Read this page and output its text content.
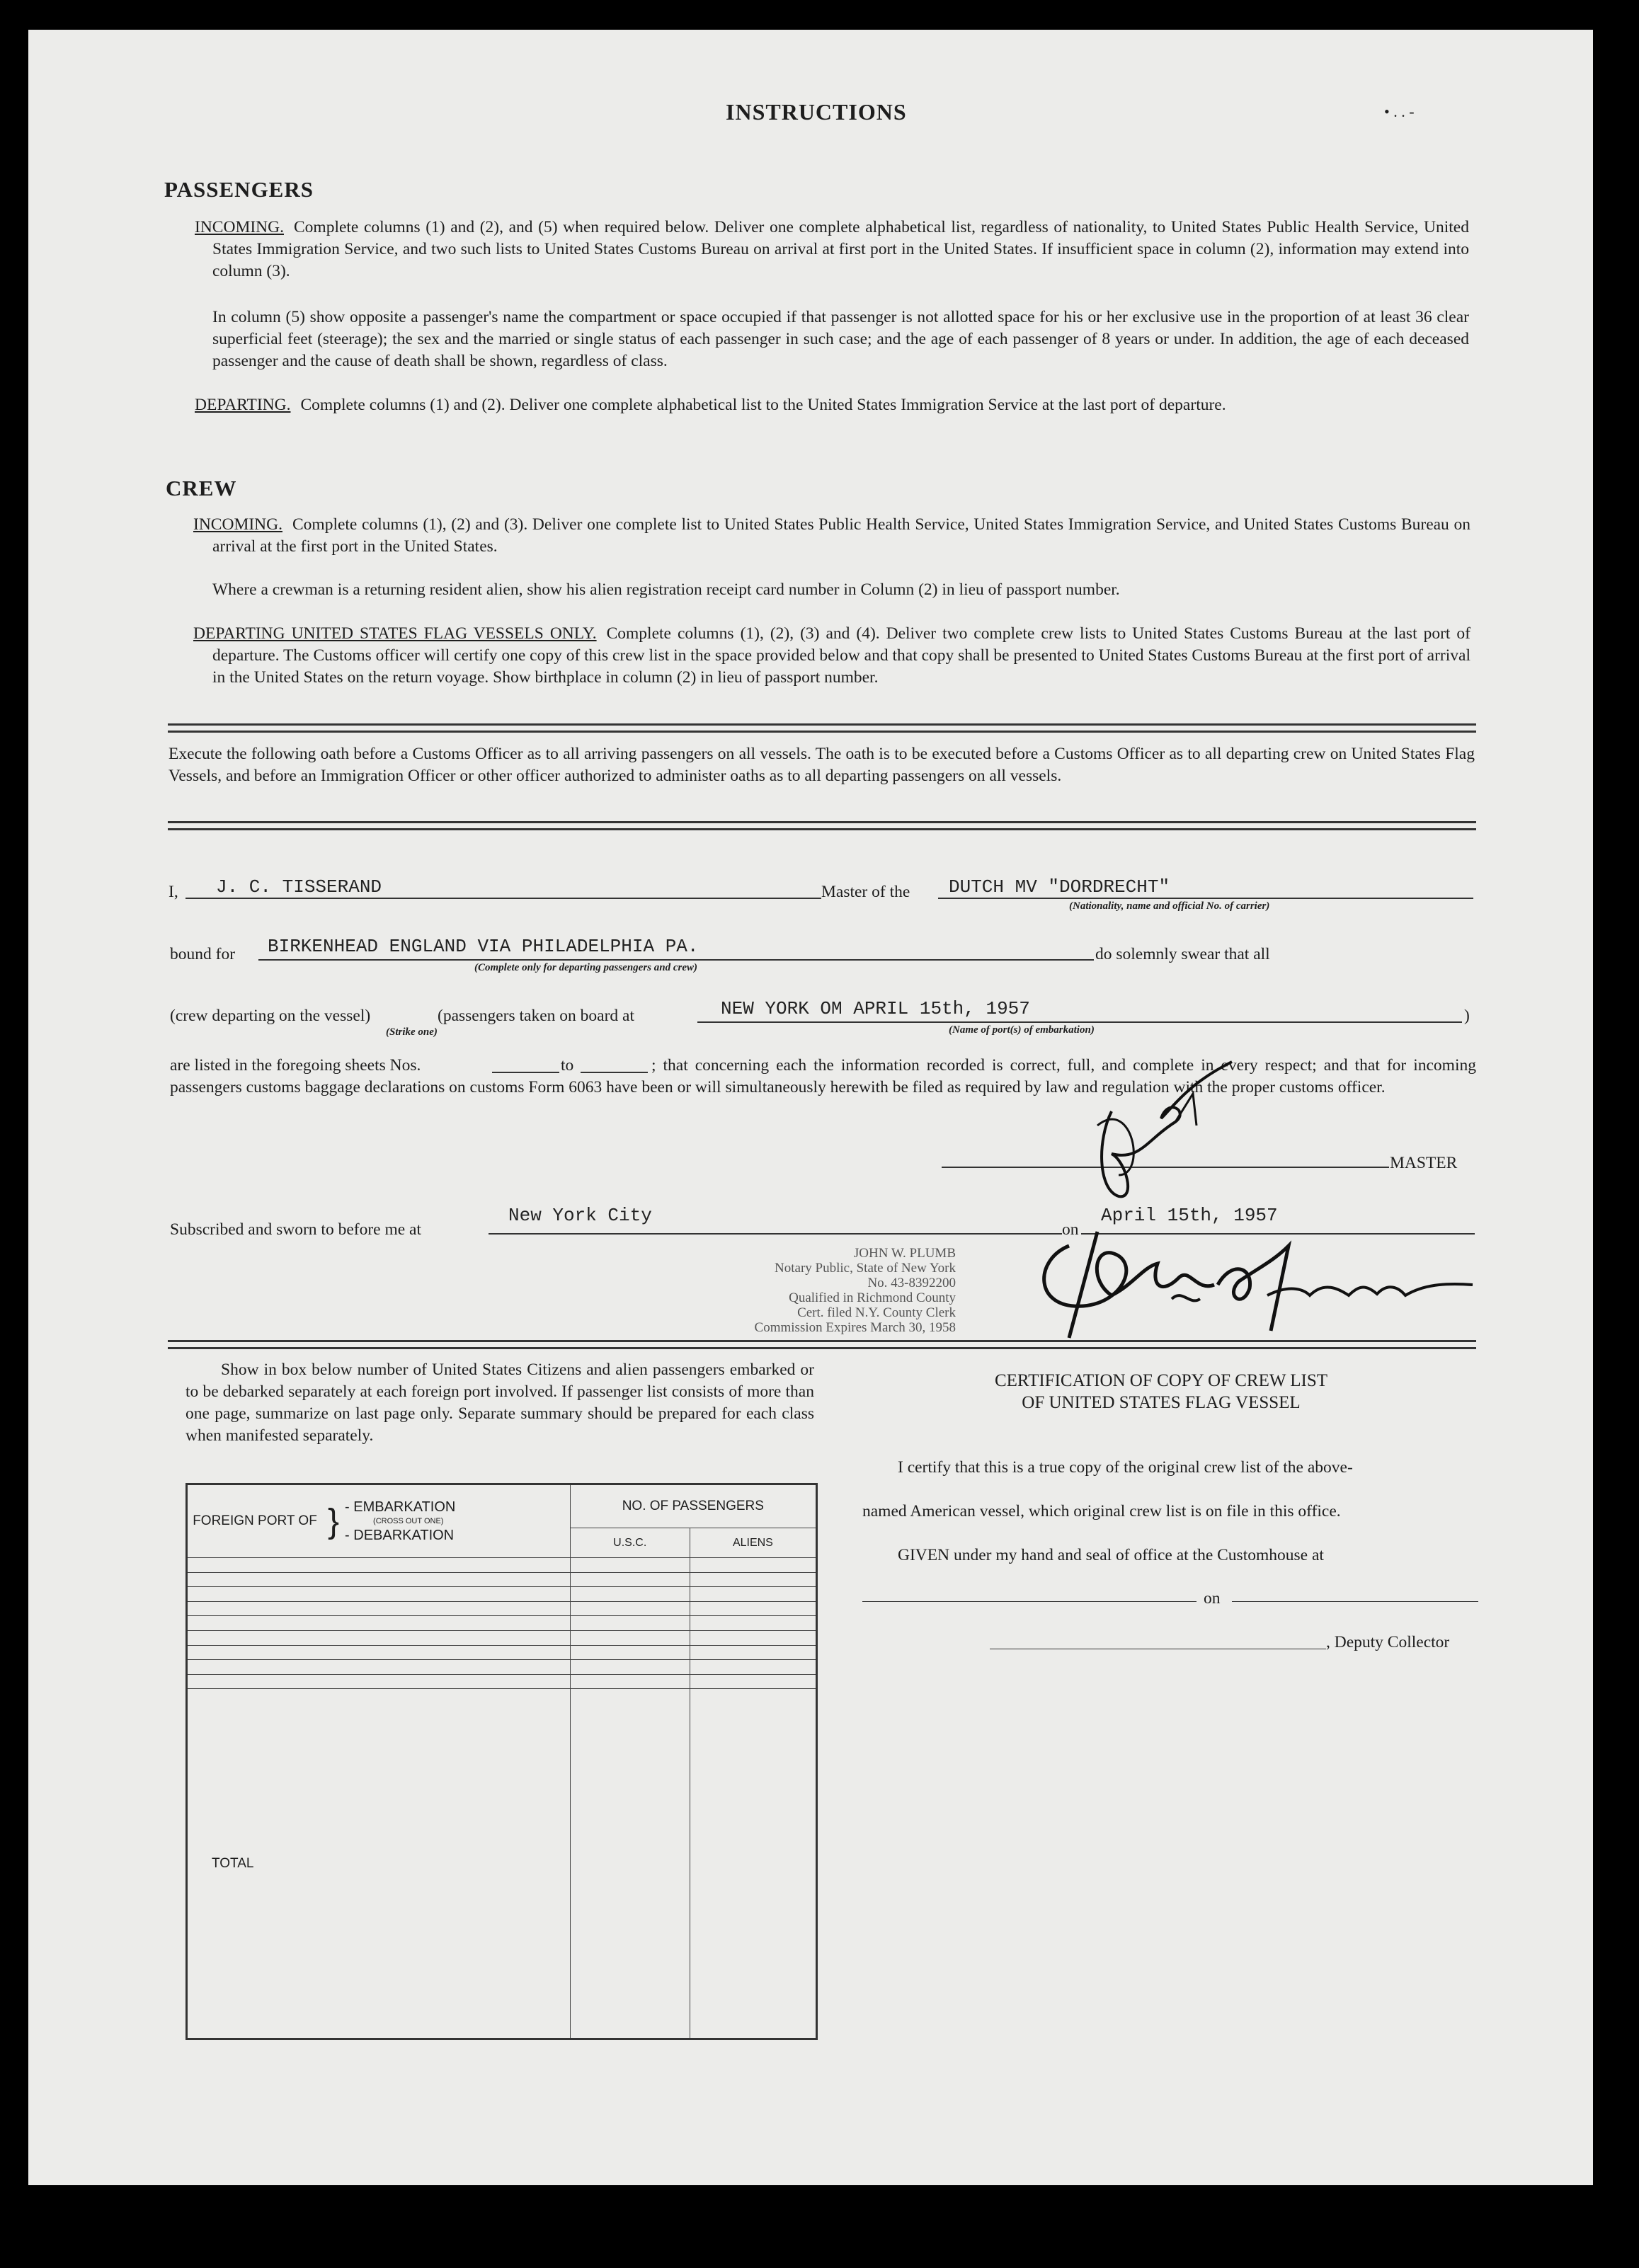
INSTRUCTIONS	• . . -
PASSENGERS
INCOMING. Complete columns (1) and (2), and (5) when required below. Deliver one complete alphabetical list, regardless of nationality, to United States Public Health Service, United States Immigration Service, and two such lists to United States Customs Bureau on arrival at first port in the United States. If insufficient space in column (2), information may extend into column (3).
In column (5) show opposite a passenger's name the compartment or space occupied if that passenger is not allotted space for his or her exclusive use in the proportion of at least 36 clear superficial feet (steerage); the sex and the married or single status of each passenger in such case; and the age of each passenger of 8 years or under. In addition, the age of each deceased passenger and the cause of death shall be shown, regardless of class.
DEPARTING. Complete columns (1) and (2). Deliver one complete alphabetical list to the United States Immigration Service at the last port of departure.
CREW
INCOMING. Complete columns (1), (2) and (3). Deliver one complete list to United States Public Health Service, United States Immigration Service, and United States Customs Bureau on arrival at the first port in the United States.
Where a crewman is a returning resident alien, show his alien registration receipt card number in Column (2) in lieu of passport number.
DEPARTING UNITED STATES FLAG VESSELS ONLY. Complete columns (1), (2), (3) and (4). Deliver two complete crew lists to United States Customs Bureau at the last port of departure. The Customs officer will certify one copy of this crew list in the space provided below and that copy shall be presented to United States Customs Bureau at the first port of arrival in the United States on the return voyage. Show birthplace in column (2) in lieu of passport number.
Execute the following oath before a Customs Officer as to all arriving passengers on all vessels. The oath is to be executed before a Customs Officer as to all departing crew on United States Flag Vessels, and before an Immigration Officer or other officer authorized to administer oaths as to all departing passengers on all vessels.
I, J. C. TISSERAND	Master of the DUTCH MV "DORDRECHT"
(Nationality, name and official No. of carrier)
bound for BIRKENHEAD ENGLAND VIA PHILADELPHIA PA.
(Complete only for departing passengers and crew)
do solemnly swear that all
(crew departing on the vessel)
(Strike one)
(passengers taken on board at	NEW YORK OM APRIL 15th, 1957
(Name of port(s) of embarkation)
)
are listed in the foregoing sheets Nos.	to	; that concerning each the information recorded is correct, full, and complete in every respect; and that for incoming passengers customs baggage declarations on customs Form 6063 have been or will simultaneously herewith be filed as required by law and regulation with the proper customs officer.
MASTER
Subscribed and sworn to before me at
New York City
on
April 15th, 1957
JOHN W. PLUMB
Notary Public, State of New York
No. 43-8392200
Qualified in Richmond County
Cert. filed N.Y. County Clerk
Commission Expires March 30, 1958
Show in box below number of United States Citizens and alien passengers embarked or to be debarked separately at each foreign port involved. If passenger list consists of more than one page, summarize on last page only. Separate summary should be prepared for each class when manifested separately.
FOREIGN PORT OF } - EMBARKATION
(CROSS OUT ONE)
- DEBARKATION	NO. OF PASSENGERS	
	U.S.C.	ALIENS

TOTAL		
CERTIFICATION OF COPY OF CREW LIST
OF UNITED STATES FLAG VESSEL
I certify that this is a true copy of the original crew list of the above-
named American vessel, which original crew list is on file in this office.
GIVEN under my hand and seal of office at the Customhouse at
on
, Deputy Collector
